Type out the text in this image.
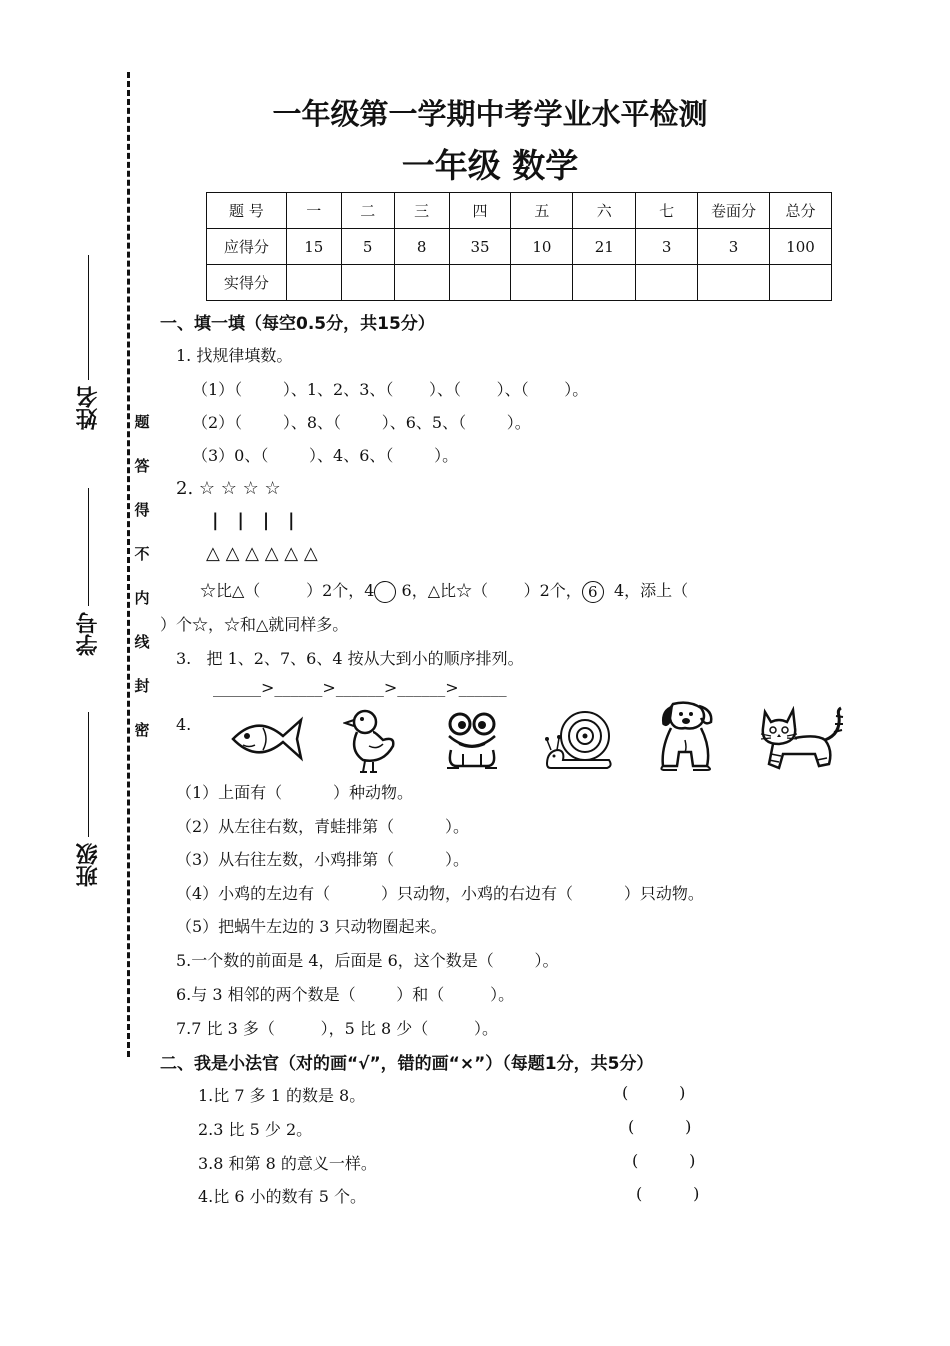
题
答
得
不
内
线
封
密
姓名
学号
班级
一年级第一学期中考学业水平检测
一年级 数学
题 号	一	二	三	四	五	六	七	卷面分	总分
应得分	15	5	8	35	10	21	3	3	100
实得分									
一、填一填（每空0.5分，共15分）
1. 找规律填数。
（1）（        ）、1、2、3、（       ）、（       ）、（       ）。
（2）（        ）、8、（        ）、6、5、（        ）。
（3）0、（        ）、4、6、（        ）。
2. ☆ ☆ ☆ ☆
|   |   |   |
△ △ △ △ △ △
☆比△（         ）2个，4 6，△比☆（       ）2个， 6  4，添上（
）个☆，☆和△就同样多。
3.   把 1、2、7、6、4 按从大到小的顺序排列。
______>______>______>______>______
4.
（1）上面有（          ）种动物。
（2）从左往右数，青蛙排第（          ）。
（3）从右往左数，小鸡排第（          ）。
（4）小鸡的左边有（          ）只动物，小鸡的右边有（          ）只动物。
（5）把蜗牛左边的 3 只动物圈起来。
5.一个数的前面是 4，后面是 6，这个数是（        ）。
6.与 3 相邻的两个数是（        ）和（         ）。
7.7 比 3 多（         ），5 比 8 少（         ）。
二、我是小法官（对的画“√”，错的画“×”）（每题1分，共5分）
1.比 7 多 1 的数是 8。	(          )
2.3 比 5 少 2。	(          )
3.8 和第 8 的意义一样。	(          )
4.比 6 小的数有 5 个。	(          )
